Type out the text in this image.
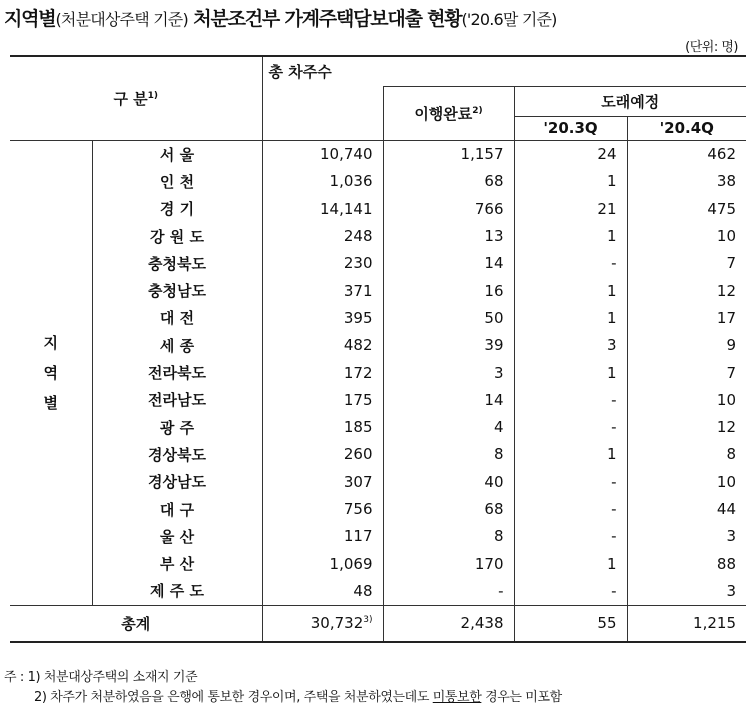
지역별(처분대상주택 기준) 처분조건부 가계주택담보대출 현황('20.6말 기준)
(단위: 명)
구 분$^{1)}$		총 차주수			
			이행완료$^{2)}$	도래예정	
				'20.3Q	'20.4Q

지
역
별	서 울	10,740	1,157	24	462
	인 천	1,036	68	1	38
	경 기	14,141	766	21	475
	강 원 도	248	13	1	10
	충청북도	230	14	-	7
	충청남도	371	16	1	12
	대 전	395	50	1	17
	세 종	482	39	3	9
	전라북도	172	3	1	7
	전라남도	175	14	-	10
	광 주	185	4	-	12
	경상북도	260	8	1	8
	경상남도	307	40	-	10
	대 구	756	68	-	44
	울 산	117	8	-	3
	부 산	1,069	170	1	88
	제 주 도	48	-	-	3
총계		30,732$^{3)}$	2,438	55	1,215
주 : 1) 처분대상주택의 소재지 기준
2) 차주가 처분하였음을 은행에 통보한 경우이며, 주택을 처분하였는데도 미통보한 경우는 미포함
